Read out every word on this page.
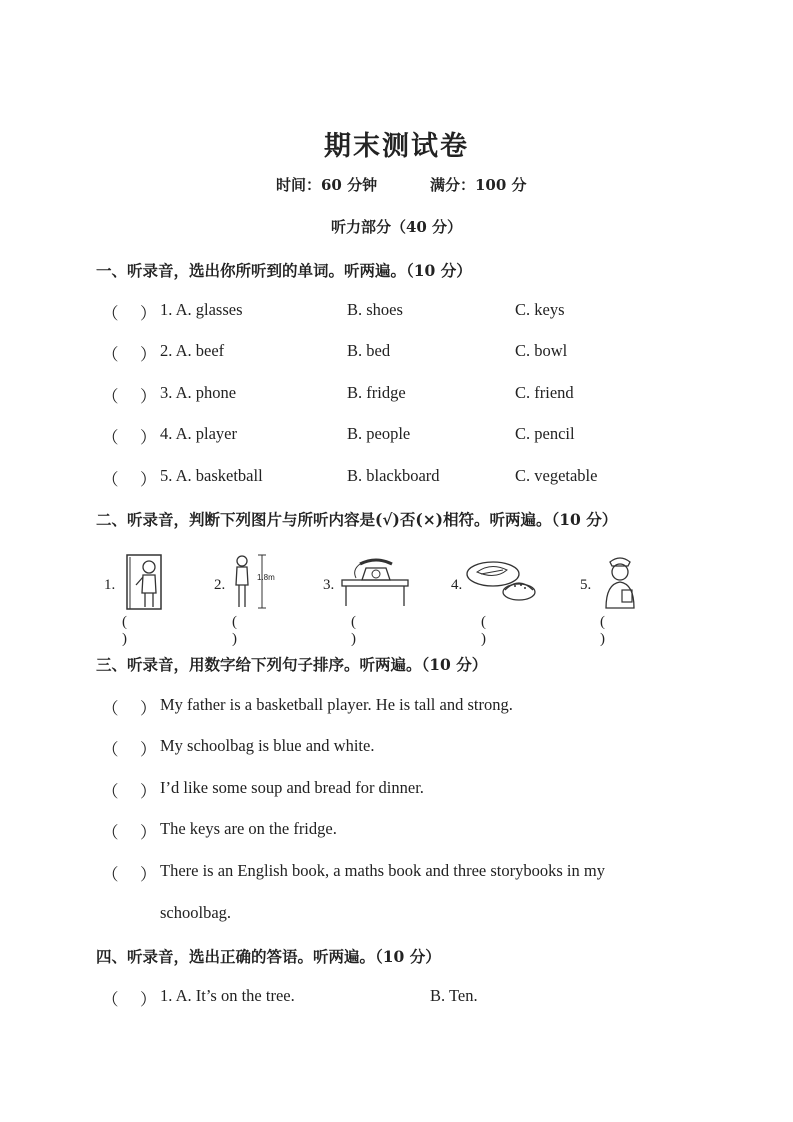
期末测试卷
时间：60 分钟	满分：100 分
听力部分（40 分）
一、听录音，选出你所听到的单词。听两遍。（10 分）
（ ） 1. A. glasses	B. shoes	C. keys
（ ） 2. A. beef	B. bed	C. bowl
（ ） 3. A. phone	B. fridge	C. friend
（ ） 4. A. player	B. people	C. pencil
（ ） 5. A. basketball	B. blackboard	C. vegetable
二、听录音，判断下列图片与所听内容是(√)否(×)相符。听两遍。（10 分）
1.
( )
2.	1.8m
( )
3.
( )
4.
( )
5.
( )
三、听录音，用数字给下列句子排序。听两遍。（10 分）
（ ） My father is a basketball player. He is tall and strong.
（ ） My schoolbag is blue and white.
（ ） I’d like some soup and bread for dinner.
（ ） The keys are on the fridge.
（ ） There is an English book, a maths book and three storybooks in my
schoolbag.
四、听录音，选出正确的答语。听两遍。（10 分）
（ ） 1. A. It’s on the tree.	B. Ten.
